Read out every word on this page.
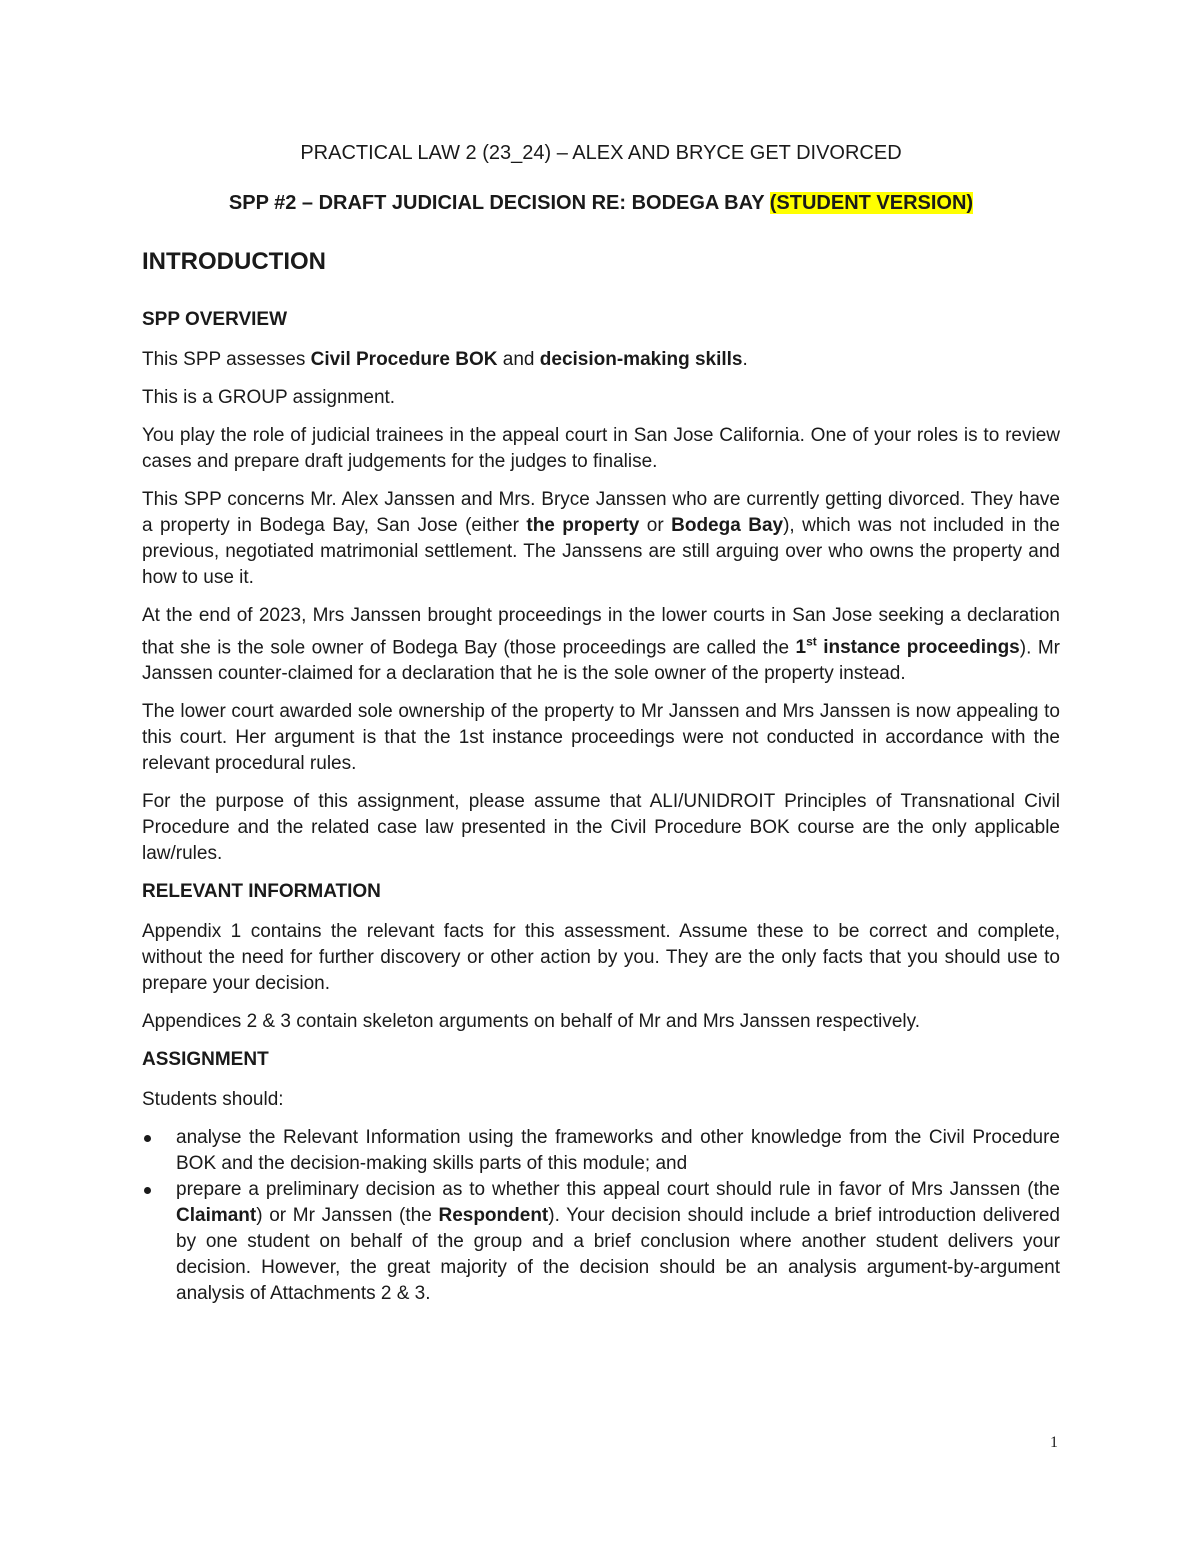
PRACTICAL LAW 2 (23_24) – ALEX AND BRYCE GET DIVORCED
SPP #2 – DRAFT JUDICIAL DECISION RE: BODEGA BAY (STUDENT VERSION)
INTRODUCTION
SPP OVERVIEW

This SPP assesses Civil Procedure BOK and decision-making skills.

This is a GROUP assignment.

You play the role of judicial trainees in the appeal court in San Jose California. One of your roles is to review cases and prepare draft judgements for the judges to finalise.

This SPP concerns Mr. Alex Janssen and Mrs. Bryce Janssen who are currently getting divorced. They have a property in Bodega Bay, San Jose (either the property or Bodega Bay), which was not included in the previous, negotiated matrimonial settlement. The Janssens are still arguing over who owns the property and how to use it.

At the end of 2023, Mrs Janssen brought proceedings in the lower courts in San Jose seeking a declaration that she is the sole owner of Bodega Bay (those proceedings are called the 1st instance proceedings). Mr Janssen counter-claimed for a declaration that he is the sole owner of the property instead.

The lower court awarded sole ownership of the property to Mr Janssen and Mrs Janssen is now appealing to this court. Her argument is that the 1st instance proceedings were not conducted in accordance with the relevant procedural rules.

For the purpose of this assignment, please assume that ALI/UNIDROIT Principles of Transnational Civil Procedure and the related case law presented in the Civil Procedure BOK course are the only applicable law/rules.

RELEVANT INFORMATION

Appendix 1 contains the relevant facts for this assessment. Assume these to be correct and complete, without the need for further discovery or other action by you. They are the only facts that you should use to prepare your decision.

Appendices 2 & 3 contain skeleton arguments on behalf of Mr and Mrs Janssen respectively.

ASSIGNMENT

Students should:

analyse the Relevant Information using the frameworks and other knowledge from the Civil Procedure BOK and the decision-making skills parts of this module; and
prepare a preliminary decision as to whether this appeal court should rule in favor of Mrs Janssen (the Claimant) or Mr Janssen (the Respondent). Your decision should include a brief introduction delivered by one student on behalf of the group and a brief conclusion where another student delivers your decision. However, the great majority of the decision should be an analysis argument-by-argument analysis of Attachments 2 & 3.
1
